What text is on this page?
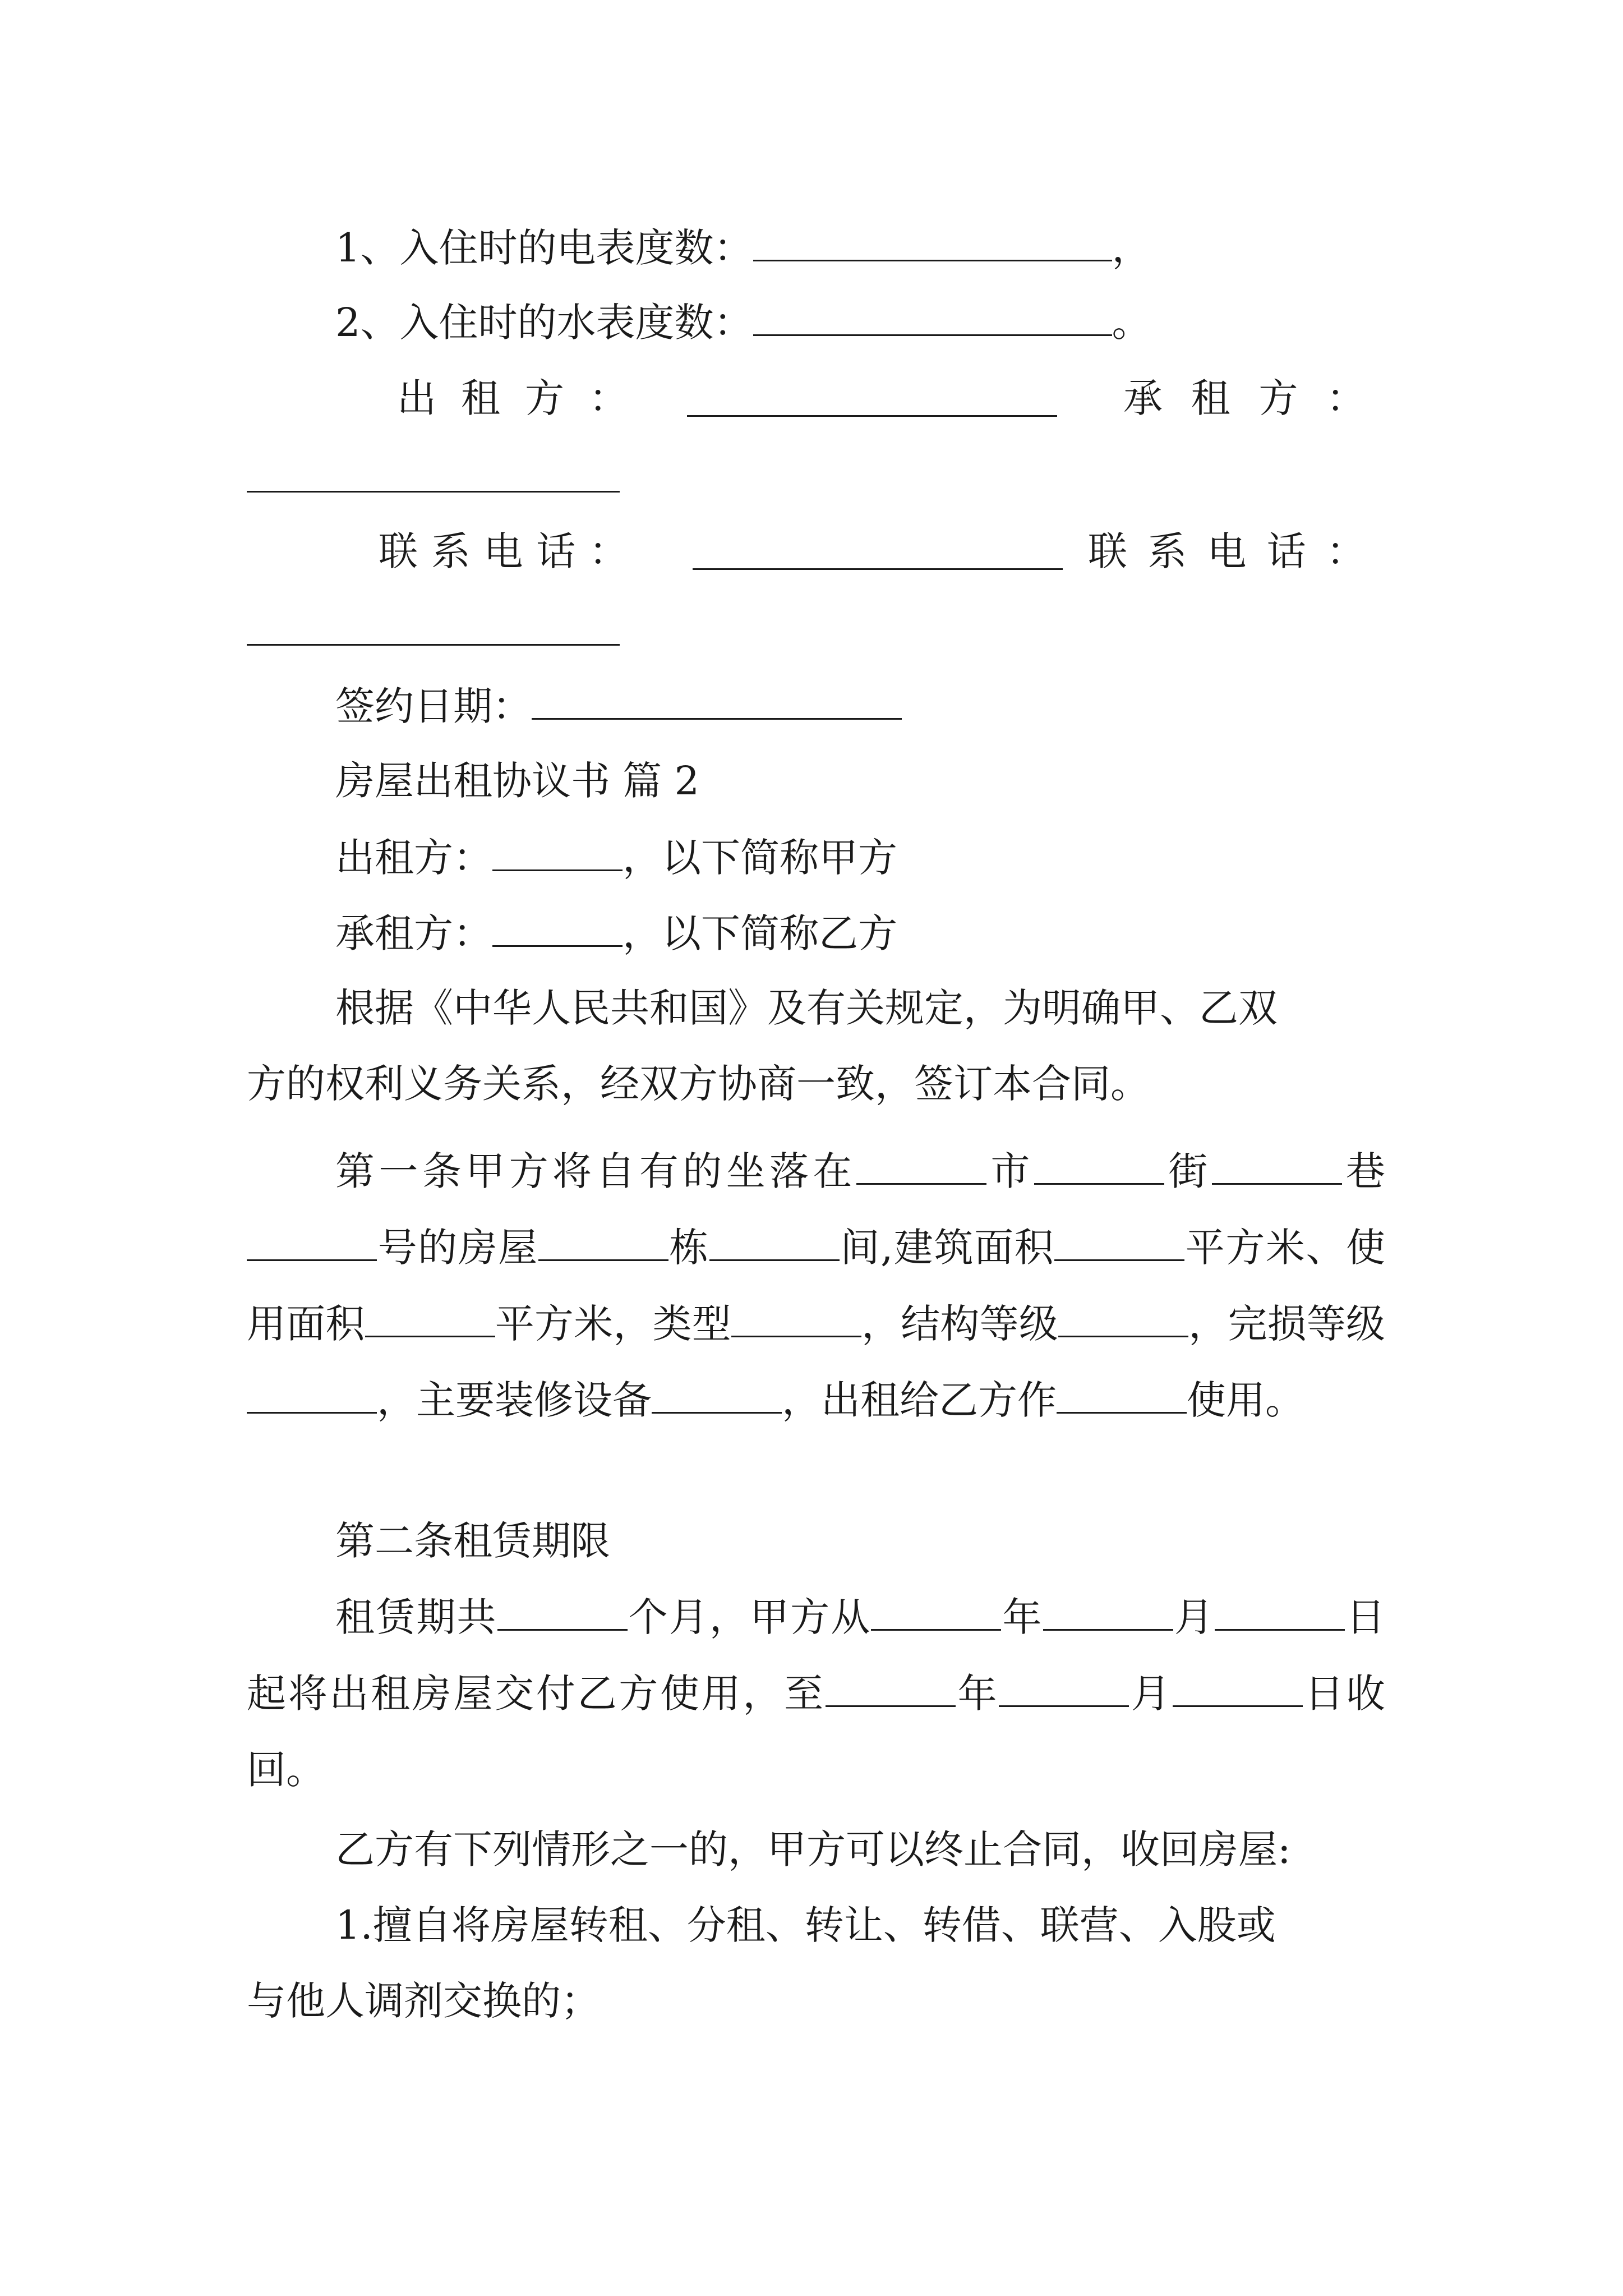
1、入住时的电表度数：	，
2、入住时的水表度数：	。
出 租 方 ：	承 租 方 ：
联 系 电 话 ：	联 系 电 话 ：
签约日期：
房屋出租协议书 篇 2
出租方：	，以下简称甲方
承租方：	，以下简称乙方
根据《中华人民共和国》及有关规定，为明确甲、乙双
方的权利义务关系，经双方协商一致，签订本合同。
第一条甲方将自有的坐落在	市	街	巷号的房屋	栋	间,建筑面积	平方米、使用面积	平方米，类型	，结构等级	，完损等级，主要装修设备	，出租给乙方作	使用。
第二条租赁期限
租赁期共	个月，甲方从	年	月	日起将出租房屋交付乙方使用，至	年	月	日收回。
乙方有下列情形之一的，甲方可以终止合同，收回房屋:
1.擅自将房屋转租、分租、转让、转借、联营、入股或
与他人调剂交换的；
